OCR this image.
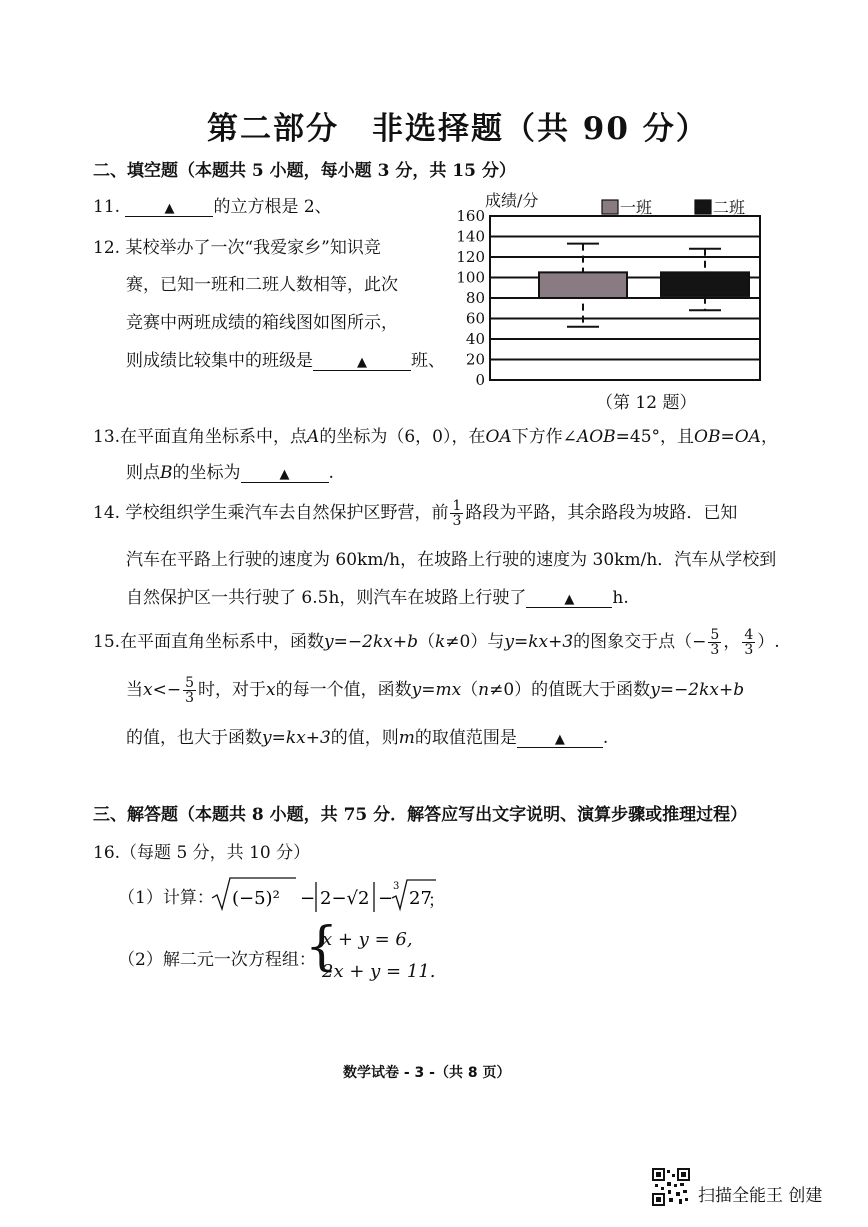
第二部分　非选择题（共 90 分）
二、填空题（本题共 5 小题，每小题 3 分，共 15 分）
11.	▲ 的立方根是 2、
12. 某校举办了一次“我爱家乡”知识竞
赛，已知一班和二班人数相等，此次
竞赛中两班成绩的箱线图如图所示，
则成绩比较集中的班级是	▲	班、
成绩/分
160
140
120
100
80
60
40
20
0
一班	二班
（第 12 题）
13.在平面直角坐标系中，点A的坐标为（6，0），在OA下方作∠AOB=45°，且OB=OA，
则点B的坐标为	▲ .
14. 学校组织学生乘汽车去自然保护区野营，前 $\frac{1}{3}$ 路段为平路，其余路段为坡路．已知
汽车在平路上行驶的速度为 60km/h，在坡路上行驶的速度为 30km/h．汽车从学校到
自然保护区一共行驶了 6.5h，则汽车在坡路上行驶了	▲ h.
15.在平面直角坐标系中，函数y=−2kx+b（k≠0）与y=kx+3的图象交于点（− $\frac{5}{3}$ ， $\frac{4}{3}$ ）.
当$x<- \frac{5}{3}$ 时，对于x的每一个值，函数y=mx（n≠0）的值既大于函数y=−2kx+b
的值，也大于函数y=kx+3的值，则m的取值范围是	▲ .
三、解答题（本题共 8 小题，共 75 分．解答应写出文字说明、演算步骤或推理过程）
16.（每题 5 分，共 10 分）
（1）计算： (−5)² − 2−√2 −
3
27
；
（2）解二元一次方程组：
{
x + y = 6,
2x + y = 11.
数学试卷 - 3 -（共 8 页）
扫描全能王 创建
